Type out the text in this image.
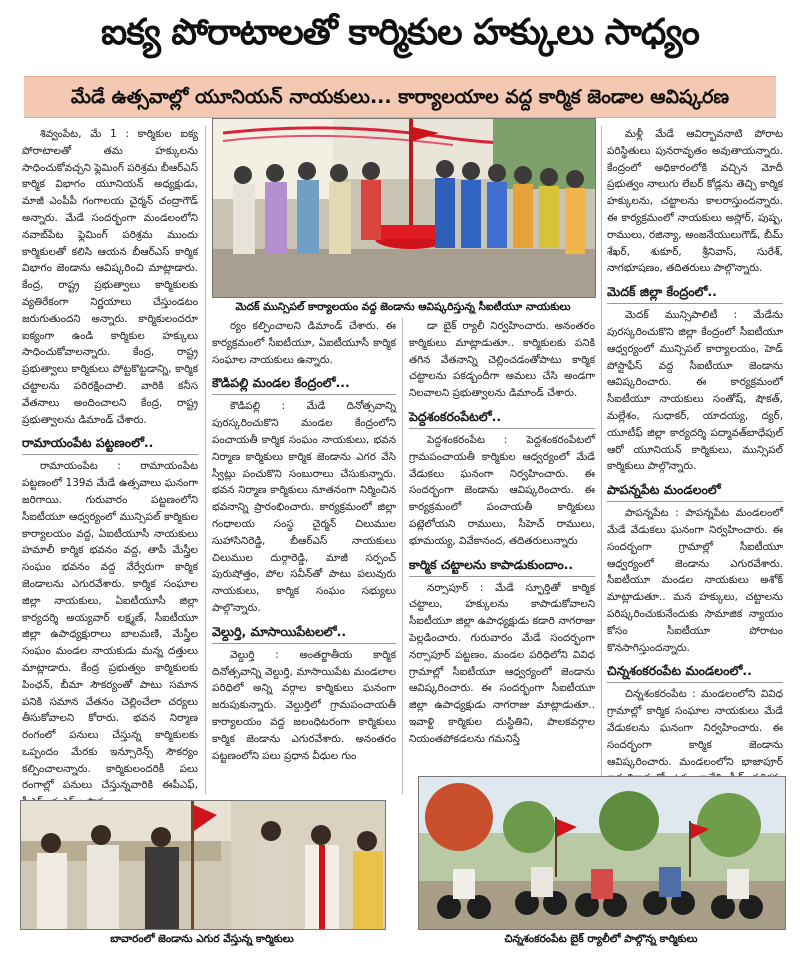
ఐక్య పోరాటాలతో కార్మికుల హక్కులు సాధ్యం
మేడే ఉత్సవాల్లో యూనియన్ నాయకులు... కార్యాలయాల వద్ద కార్మిక జెండాల ఆవిష్కరణ

శివ్వంపేట, మే 1 : కార్మికుల ఐక్య పోరాటాలతో తమ హక్కులను సాధించుకోవచ్చని ఫ్లెమింగ్ పరిశ్రమ బీఆర్ఎస్ కార్మిక విభాగం యూనియన్ అధ్యక్షుడు, మాజీ ఎంపీపీ గంగాలయ చైర్మన్ చంద్రాగౌడ్ అన్నారు. మేడే సందర్భంగా మండలంలోని నవాబ్‌పేట ఫ్లెమింగ్ పరిశ్రమ ముందు కార్మికులతో కలిసి ఆయన బీఆర్ఎస్ కార్మిక విభాగం జెండాను ఆవిష్కరించి మాట్లాడారు. కేంద్ర, రాష్ట్ర ప్రభుత్వాలు కార్మికులకు వ్యతిరేకంగా నిర్ణయాలు చేస్తుండటం జరుగుతుందని అన్నారు. కార్మికులందరూ ఐక్యంగా ఉండి కార్మికుల హక్కులు సాధించుకోవాలన్నారు. కేంద్ర, రాష్ట్ర ప్రభుత్వాలు కార్మికులు పోట్టకొట్టడాన్ని, కార్మిక చట్టాలను పరిరక్షించాలి. వారికి కనీస వేతనాలు అందించాలని కేంద్ర, రాష్ట్ర ప్రభుత్వాలను డిమాండ్ చేశారు.

రామాయంపేట పట్టణంలో..

రామాయంపేట : రామాయంపేట పట్టణంలో 139వ మేడే ఉత్సవాలు ఘనంగా జరిగాయి. గురువారం పట్టణంలోని సీఐటీయూ ఆధ్వర్యంలో మున్సిపల్ కార్మికుల కార్యాలయం వద్ద, ఏఐటీయూసీ నాయకులు హమాలీ కార్మిక భవనం వద్ద, తాపీ మేస్త్రీల సంఘం భవనం వద్ద వేర్వేరుగా కార్మిక జెండాలను ఎగురవేశారు. కార్మిక సంఘాల జిల్లా నాయకులు, ఏఐటీయూసీ జిల్లా కార్యదర్శి అయ్యవార్ లక్ష్మణ్, సీఐటీయూ జిల్లా ఉపాధ్యక్షురాలు బాలమణి, మేస్త్రీల సంఘం మండల నాయకుడు మన్న దత్తులు మాట్లాడారు. కేంద్ర ప్రభుత్వం కార్మికులకు పింఛన్, బీమా సౌకర్యంతో పాటు సమాన పనికి సమాన వేతనం చెల్లించేలా చర్యలు తీసుకోవాలని కోరారు. భవన నిర్మాణ రంగంలో పనులు చేస్తున్న కార్మికులకు ఒప్పందం మేరకు ఇన్సూరెన్స్ సౌకర్యం కల్పించాలన్నారు. కార్మికులందరికీ పలు రంగాల్లో పనులు చేస్తున్నవారికి ఈపీఎఫ్,

మెదక్ మున్సిపల్ కార్యాలయం వద్ద జెండాను ఆవిష్కరిస్తున్న సీఐటీయూ నాయకులు

ర్యం కల్పించాలని డిమాండ్ చేశారు. ఈ కార్యక్రమంలో సీఐటీయూ, ఏఐటీయూసీ కార్మిక సంఘాల నాయకులు ఉన్నారు.

కౌడిపల్లి మండల కేంద్రంలో...

కౌడిపల్లి : మేడే దినోత్సవాన్ని పురస్కరించుకొని మండల కేంద్రంలోని పంచాయతీ కార్మిక సంఘం నాయకులు, భవన నిర్మాణ కార్మికులు కార్మిక జెండాను ఎగర వేసి స్వీట్లు పంచుకొని సంబురాలు చేసుకున్నారు. భవన నిర్మాణ కార్మికులు నూతనంగా నిర్మించిన భవనాన్ని ప్రారంభించారు. కార్యక్రమంలో జిల్లా గంధాలయ సంస్థ చైర్మన్ చిలుముల సుహాసినిరెడ్డి, బీఆర్ఎస్ నాయకులు చిలుముల దుర్గారెడ్డి, మాజీ సర్పంచ్ పురుషోత్తం, పోల సవీన్‌తో పాటు పలువురు నాయకులు, కార్మిక సంఘం సభ్యులు పాల్గొన్నారు.

వెల్దుర్తి, మాసాయిపేటలలో..

వెల్దుర్తి : అంతర్జాతీయ కార్మిక దినోత్సవాన్ని వెల్దుర్తి, మాసాయిపేట మండలాల పరిధిలో అన్ని వర్గాల కార్మికులు ఘనంగా జరుపుకున్నారు. వెల్దుర్తిలో గ్రామపంచాయతీ కార్యాలయం వద్ద జలంధిటరంగా కార్మికులు కార్మిక జెండాను ఎగురవేశారు. అనంతరం పట్టణంలోని పలు ప్రధాన వీధుల గుం

డా బైక్ ర్యాలీ నిర్వహించారు. అనంతరం కార్మికులు మాట్లాడుతూ.. కార్మికులకు పనికి తగిన వేతనాన్ని చెల్లించడంతోపాటు కార్మిక చట్టాలను పకడ్బందీగా అమలు చేసి అండగా నిలవాలని ప్రభుత్వాలను డిమాండ్ చేశారు.

పెద్దశంకరంపేటలో..

పెద్దశంకరంపేట : పెద్దశంకరంపేటలో గ్రామపంచాయతీ కార్మికుల ఆధ్వర్యంలో మేడే వేడుకలు ఘనంగా నిర్వహించారు. ఈ సందర్భంగా జెండాను ఆవిష్కరించారు. ఈ కార్యక్రమంలో పంచాయతీ కార్మికులు పట్లెలోయని రాములు, సీహెచ్ రాములు, భూమయ్య, వివేకానంద, తదితరులున్నారు

కార్మిక చట్టాలను కాపాడుకుందాం..

నర్సాపూర్ : మేడే స్ఫూర్తితో కార్మిక చట్టాలు, హక్కులను కాపాడుకోవాలని సీఐటీయూ జిల్లా ఉపాధ్యక్షుడు కడారి నాగరాజు పెల్లడించారు. గురువారం మేడే సందర్భంగా నర్సాపూర్ పట్టణం, మండల పరిధిలోని వివిధ గ్రామాల్లో సీఐటీయూ ఆధ్వర్యంలో జెండాను ఆవిష్కరించారు. ఈ సందర్భంగా సీఐటీయూ జిల్లా ఉపాధ్యక్షుడు నాగరాజు మాట్లాడుతూ.. ఇవాళ్టి కార్మికుల దుస్థితిని, పాలకవర్గాల నియంతపోకడలను గమనిస్తే

మళ్లీ మేడే ఆవిర్భావనాటి పోరాట పరిస్థితులు పునరావృతం అవుతాయన్నారు. కేంద్రంలో అధికారంలోకి వచ్చిన మోదీ ప్రభుత్వం నాలుగు లేబర్ కోడ్లను తెచ్చి కార్మిక హక్కులను, చట్టాలను కాలరాస్తుందన్నారు. ఈ కార్యక్రమంలో నాయకులు అస్లోర్, పుష్ప, రాములు, రజిన్యా, అంజనేయులుగౌడ్, బీమ్ శేఖర్, శుకూర్, శ్రీనివాస్, సురేశ్, నాగభూషణం, తదితరులు పాల్గొన్నారు.

మెదక్ జిల్లా కేంద్రంలో..

మెదక్ మున్సిపాలిటీ : మేడేను పురస్కరించుకొని జిల్లా కేంద్రంలో సీఐటీయూ ఆధ్వర్యంలో మున్సిపల్ కార్యాలయం, హెడ్ పోస్టాఫీస్ వద్ద సీఐటీయూ జెండాను ఆవిష్కరించారు. ఈ కార్యక్రమంలో సీఐటీయూ నాయకులు సంతోష్, షౌకత్, మల్లేశం, సుధాకర్, యాదయ్య, ద్యర్, యూటీఫ్ జిల్లా కార్యదర్శి పద్మావత్‌బాధేపుల్ ఆరో యూనియన్ కార్మికులు, మున్సిపల్ కార్మికులు పాల్గొన్నారు.

పాపన్నపేట మండలంలో

పాపన్నపేట : పాపన్నపేట మండలంలో మేడే వేడుకలు ఘనంగా నిర్వహించారు. ఈ సందర్భంగా గ్రామాల్లో సీఐటీయూ ఆధ్వర్యంలో జెండాను ఎగురవేశారు. సీఐటీయూ మండల నాయకులు అశోక్ మాట్లాడుతూ.. మన హక్కులు, చట్టాలను పరిష్కరించుకునేందుకు సామాజిక న్యాయం కోసం సీఐటీయూ పోరాటం కొనసాగిస్తుందన్నారు.

చిన్నశంకరంపేట మండలంలో..

చిన్నశంకరంపేట : మండలంలోని వివిధ గ్రామాల్లో కార్మిక సంఘాల నాయకులు మేడే వేడుకలను ఘనంగా నిర్వహించారు. ఈ సందర్భంగా కార్మిక జెండాను ఆవిష్కరించారు. మండలంలోని భాజాపూర్

బావారంలో జెండాను ఎగుర వేస్తున్న కార్మికులు	చిన్నశంకరంపేట బైక్ ర్యాలీలో పాల్గొన్న కార్మికులు
